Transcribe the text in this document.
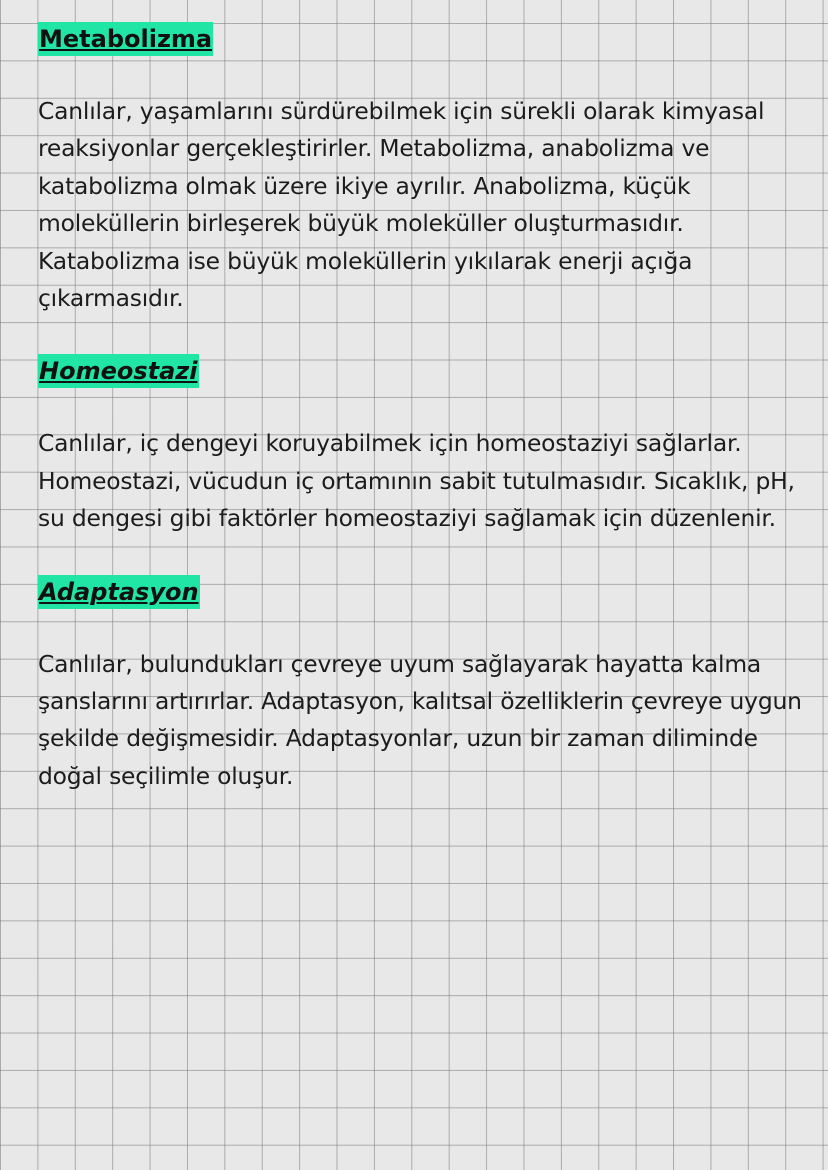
Metabolizma

Canlılar, yaşamlarını sürdürebilmek için sürekli olarak kimyasal reaksiyonlar gerçekleştirirler. Metabolizma, anabolizma ve katabolizma olmak üzere ikiye ayrılır. Anabolizma, küçük moleküllerin birleşerek büyük moleküller oluşturmasıdır. Katabolizma ise büyük moleküllerin yıkılarak enerji açığa çıkarmasıdır.

Homeostazi

Canlılar, iç dengeyi koruyabilmek için homeostaziyi sağlarlar. Homeostazi, vücudun iç ortamının sabit tutulmasıdır. Sıcaklık, pH, su dengesi gibi faktörler homeostaziyi sağlamak için düzenlenir.

Adaptasyon

Canlılar, bulundukları çevreye uyum sağlayarak hayatta kalma şanslarını artırırlar. Adaptasyon, kalıtsal özelliklerin çevreye uygun şekilde değişmesidir. Adaptasyonlar, uzun bir zaman diliminde doğal seçilimle oluşur.
